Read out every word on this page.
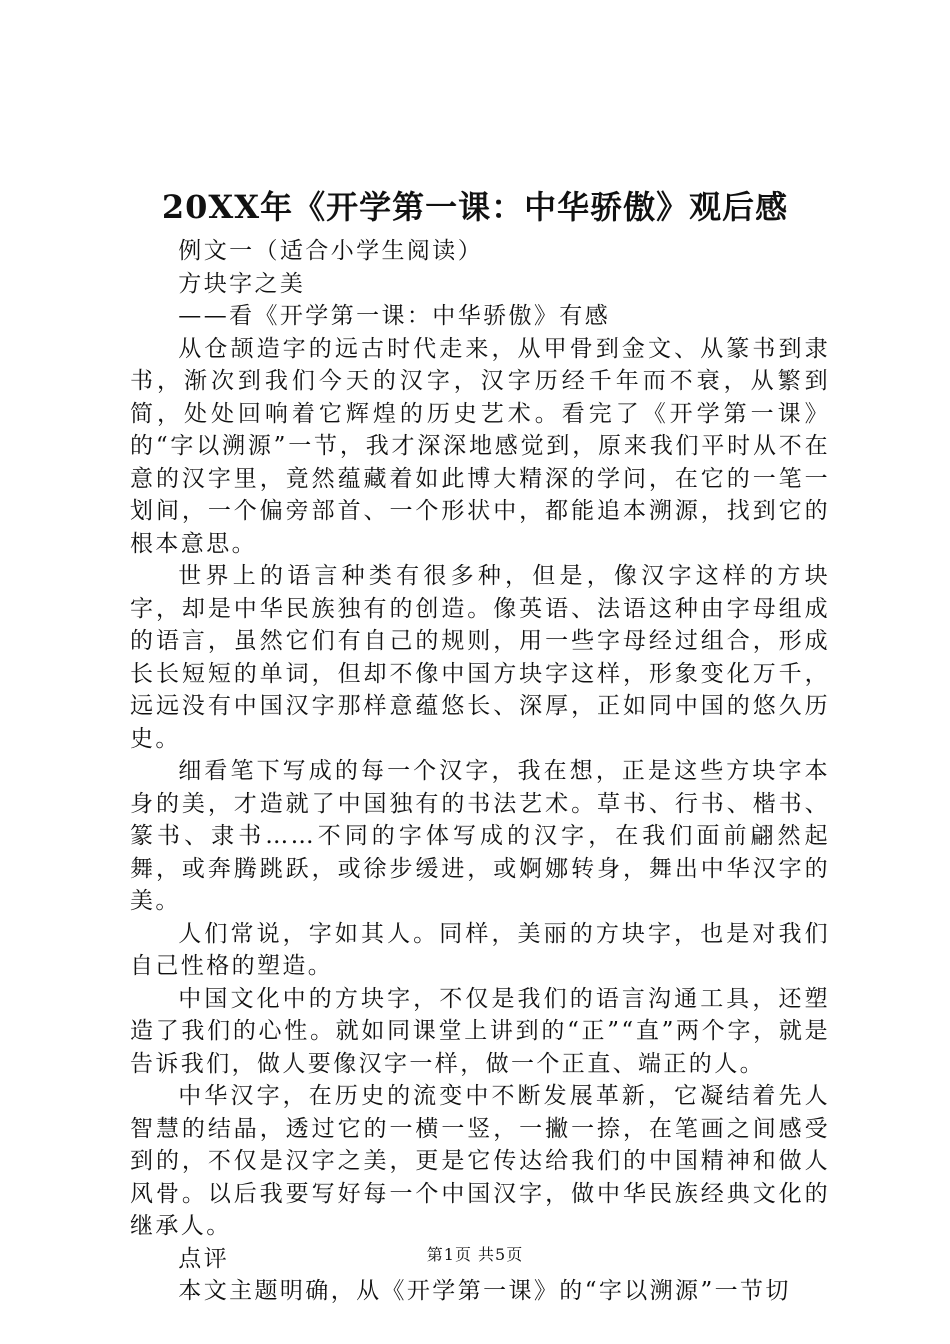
20XX年《开学第一课：中华骄傲》观后感

例文一（适合小学生阅读）

方块字之美

——看《开学第一课：中华骄傲》有感

从仓颉造字的远古时代走来，从甲骨到金文、从篆书到隶书，渐次到我们今天的汉字，汉字历经千年而不衰，从繁到简，处处回响着它辉煌的历史艺术。看完了《开学第一课》的“字以溯源”一节，我才深深地感觉到，原来我们平时从不在意的汉字里，竟然蕴藏着如此博大精深的学问，在它的一笔一划间，一个偏旁部首、一个形状中，都能追本溯源，找到它的根本意思。

世界上的语言种类有很多种，但是，像汉字这样的方块字，却是中华民族独有的创造。像英语、法语这种由字母组成的语言，虽然它们有自己的规则，用一些字母经过组合，形成长长短短的单词，但却不像中国方块字这样，形象变化万千，远远没有中国汉字那样意蕴悠长、深厚，正如同中国的悠久历史。

细看笔下写成的每一个汉字，我在想，正是这些方块字本身的美，才造就了中国独有的书法艺术。草书、行书、楷书、篆书、隶书……不同的字体写成的汉字，在我们面前翩然起舞，或奔腾跳跃，或徐步缓进，或婀娜转身，舞出中华汉字的美。

人们常说，字如其人。同样，美丽的方块字，也是对我们自己性格的塑造。

中国文化中的方块字，不仅是我们的语言沟通工具，还塑造了我们的心性。就如同课堂上讲到的“正”“直”两个字，就是告诉我们，做人要像汉字一样，做一个正直、端正的人。

中华汉字，在历史的流变中不断发展革新，它凝结着先人智慧的结晶，透过它的一横一竖，一撇一捺，在笔画之间感受到的，不仅是汉字之美，更是它传达给我们的中国精神和做人风骨。以后我要写好每一个中国汉字，做中华民族经典文化的继承人。

点评

本文主题明确，从《开学第一课》的“字以溯源”一节切

第1页 共5页
